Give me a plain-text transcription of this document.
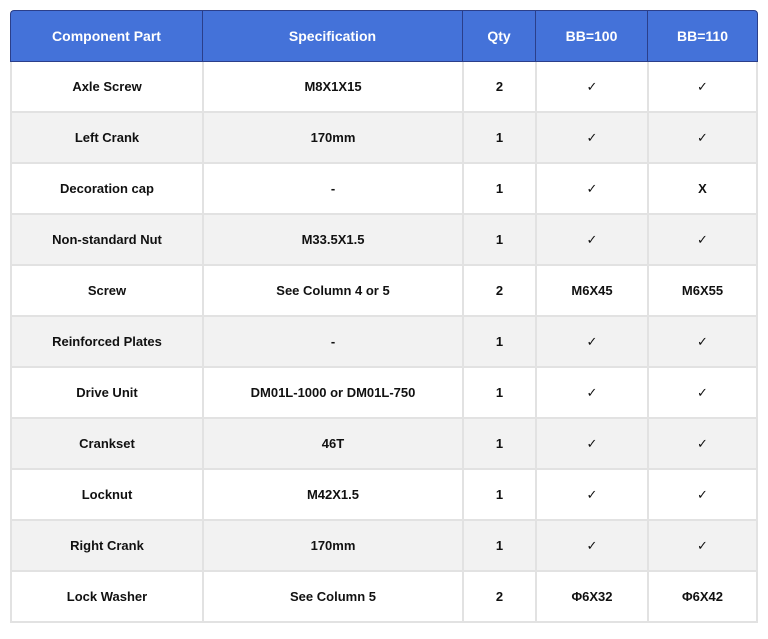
Component Part	Specification	Qty	BB=100	BB=110
Axle Screw	M8X1X15	2	✓	✓
Left Crank	170mm	1	✓	✓
Decoration cap	-	1	✓	X
Non-standard Nut	M33.5X1.5	1	✓	✓
Screw	See Column 4 or 5	2	M6X45	M6X55
Reinforced Plates	-	1	✓	✓
Drive Unit	DM01L-1000 or DM01L-750	1	✓	✓
Crankset	46T	1	✓	✓
Locknut	M42X1.5	1	✓	✓
Right Crank	170mm	1	✓	✓
Lock Washer	See Column 5	2	Φ6X32	Φ6X42
